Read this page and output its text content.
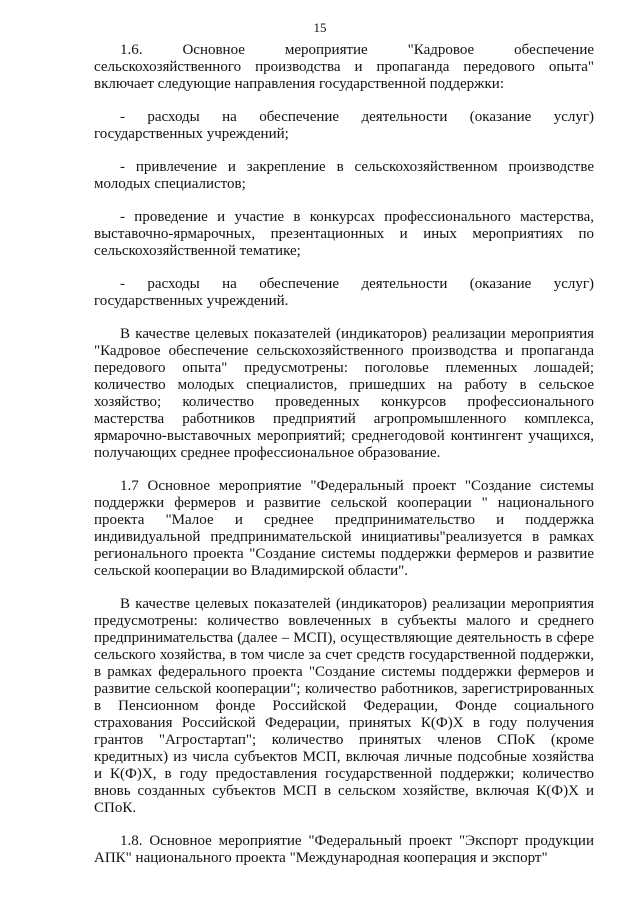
15

1.6. Основное мероприятие "Кадровое обеспечение сельскохозяйственного производства и пропаганда передового опыта" включает следующие направления государственной поддержки:

- расходы на обеспечение деятельности (оказание услуг) государственных учреждений;

- привлечение и закрепление в сельскохозяйственном производстве молодых специалистов;

- проведение и участие в конкурсах профессионального мастерства, выставочно-ярмарочных, презентационных и иных мероприятиях по сельскохозяйственной тематике;

- расходы на обеспечение деятельности (оказание услуг) государственных учреждений.

В качестве целевых показателей (индикаторов) реализации мероприятия "Кадровое обеспечение сельскохозяйственного производства и пропаганда передового опыта" предусмотрены: поголовье племенных лошадей; количество молодых специалистов, пришедших на работу в сельское хозяйство; количество проведенных конкурсов профессионального мастерства работников предприятий агропромышленного комплекса, ярмарочно-выставочных мероприятий; среднегодовой контингент учащихся, получающих среднее профессиональное образование.

1.7 Основное мероприятие "Федеральный проект "Создание системы поддержки фермеров и развитие сельской кооперации " национального проекта "Малое и среднее предпринимательство и поддержка индивидуальной предпринимательской инициативы"реализуется в рамках регионального проекта "Создание системы поддержки фермеров и развитие сельской кооперации во Владимирской области".

В качестве целевых показателей (индикаторов) реализации мероприятия предусмотрены: количество вовлеченных в субъекты малого и среднего предпринимательства (далее – МСП), осуществляющие деятельность в сфере сельского хозяйства, в том числе за счет средств государственной поддержки, в рамках федерального проекта "Создание системы поддержки фермеров и развитие сельской кооперации"; количество работников, зарегистрированных в Пенсионном фонде Российской Федерации, Фонде социального страхования Российской Федерации, принятых К(Ф)Х в году получения грантов "Агростартап"; количество принятых членов СПоК (кроме кредитных) из числа субъектов МСП, включая личные подсобные хозяйства и К(Ф)Х, в году предоставления государственной поддержки; количество вновь созданных субъектов МСП в сельском хозяйстве, включая К(Ф)Х и СПоК.

1.8. Основное мероприятие "Федеральный проект "Экспорт продукции АПК" национального проекта "Международная кооперация и экспорт"
